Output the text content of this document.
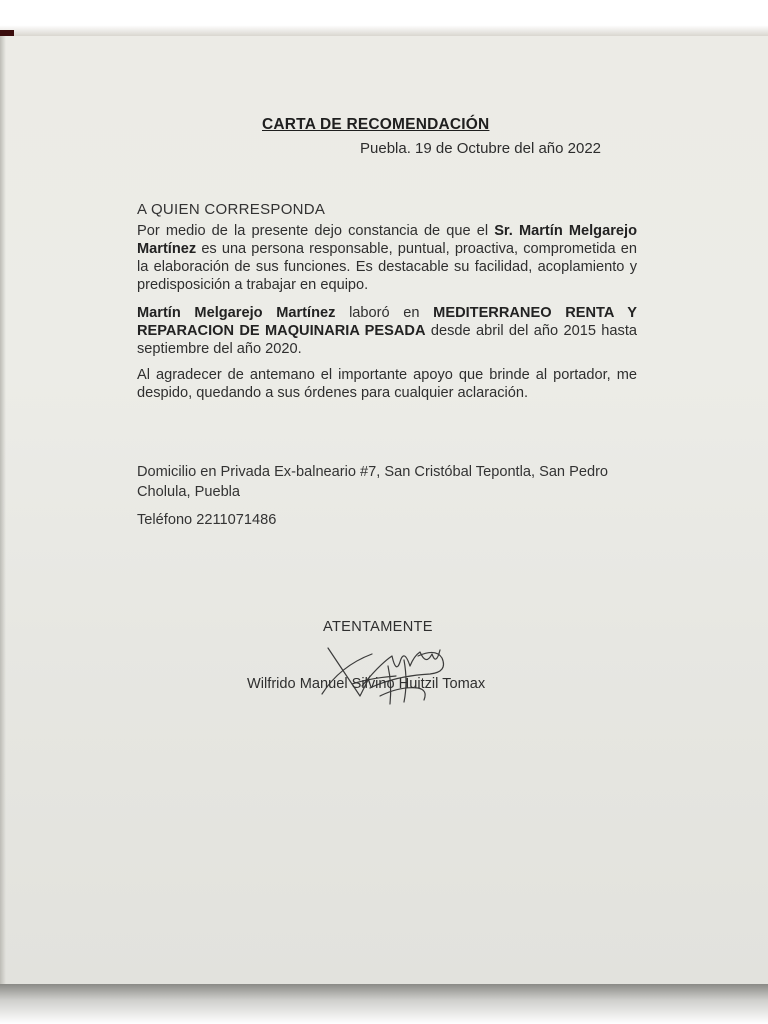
CARTA DE RECOMENDACIÓN
Puebla. 19 de Octubre del año 2022
A QUIEN CORRESPONDA
Por medio de la presente dejo constancia de que el Sr. Martín Melgarejo Martínez es una persona responsable, puntual, proactiva, comprometida en la elaboración de sus funciones. Es destacable su facilidad, acoplamiento y predisposición a trabajar en equipo.
Martín Melgarejo Martínez laboró en MEDITERRANEO RENTA Y REPARACION DE MAQUINARIA PESADA desde abril del año 2015 hasta septiembre del año 2020.
Al agradecer de antemano el importante apoyo que brinde al portador, me despido, quedando a sus órdenes para cualquier aclaración.
Domicilio en Privada Ex-balneario #7, San Cristóbal Tepontla, San Pedro Cholula, Puebla
Teléfono 2211071486
ATENTAMENTE
Wilfrido Manuel Silvino Huitzil Tomax
